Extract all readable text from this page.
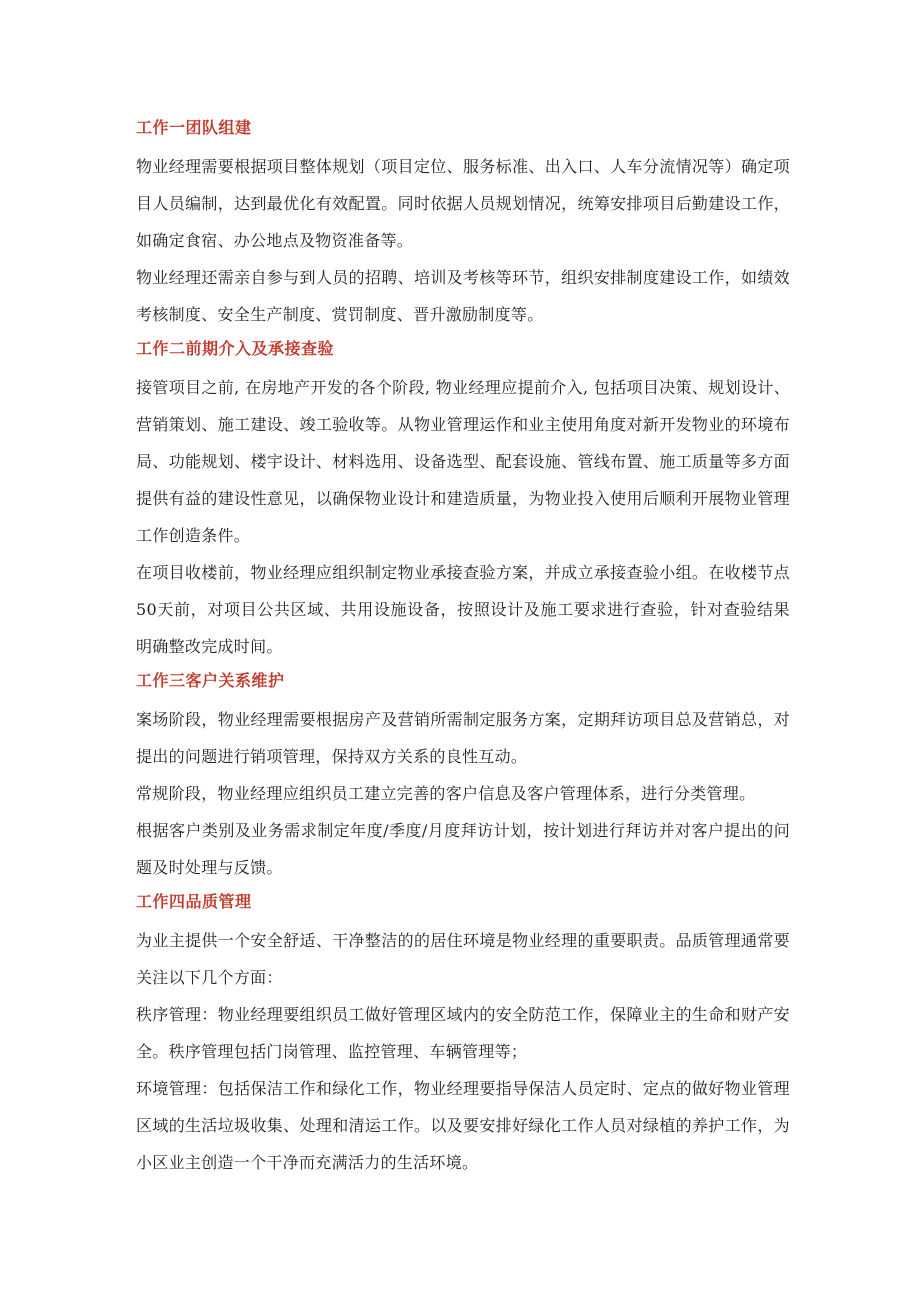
工作一团队组建

物业经理需要根据项目整体规划（项目定位、服务标准、出入口、人车分流情况等）确定项目人员编制，达到最优化有效配置。同时依据人员规划情况，统筹安排项目后勤建设工作，如确定食宿、办公地点及物资准备等。

物业经理还需亲自参与到人员的招聘、培训及考核等环节，组织安排制度建设工作，如绩效考核制度、安全生产制度、赏罚制度、晋升激励制度等。

工作二前期介入及承接查验

接管项目之前, 在房地产开发的各个阶段, 物业经理应提前介入, 包括项目决策、规划设计、营销策划、施工建设、竣工验收等。从物业管理运作和业主使用角度对新开发物业的环境布局、功能规划、楼宇设计、材料选用、设备选型、配套设施、管线布置、施工质量等多方面提供有益的建设性意见，以确保物业设计和建造质量，为物业投入使用后顺利开展物业管理工作创造条件。

在项目收楼前，物业经理应组织制定物业承接查验方案，并成立承接查验小组。在收楼节点50天前，对项目公共区域、共用设施设备，按照设计及施工要求进行查验，针对查验结果明确整改完成时间。

工作三客户关系维护

案场阶段，物业经理需要根据房产及营销所需制定服务方案，定期拜访项目总及营销总，对提出的问题进行销项管理，保持双方关系的良性互动。

常规阶段，物业经理应组织员工建立完善的客户信息及客户管理体系，进行分类管理。

根据客户类别及业务需求制定年度/季度/月度拜访计划，按计划进行拜访并对客户提出的问题及时处理与反馈。

工作四品质管理

为业主提供一个安全舒适、干净整洁的的居住环境是物业经理的重要职责。品质管理通常要关注以下几个方面：

秩序管理：物业经理要组织员工做好管理区域内的安全防范工作，保障业主的生命和财产安全。秩序管理包括门岗管理、监控管理、车辆管理等；

环境管理：包括保洁工作和绿化工作，物业经理要指导保洁人员定时、定点的做好物业管理区域的生活垃圾收集、处理和清运工作。以及要安排好绿化工作人员对绿植的养护工作，为小区业主创造一个干净而充满活力的生活环境。
